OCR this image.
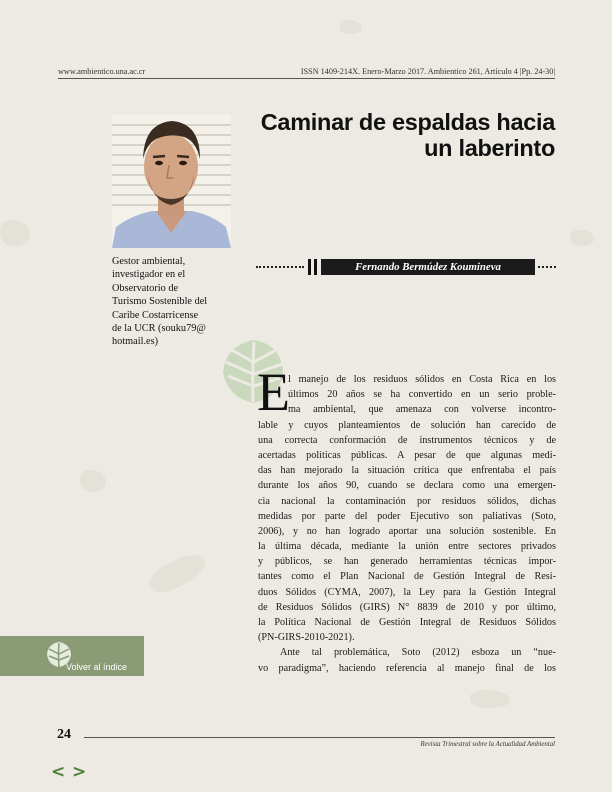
www.ambientico.una.ac.cr	ISSN 1409-214X. Enero-Marzo 2017. Ambientico 261, Artículo 4 |Pp. 24-30|
Caminar de espaldas hacia
un laberinto
Gestor ambiental,
investigador en el
Observatorio de
Turismo Sostenible del
Caribe Costarricense
de la UCR (souku79@
hotmail.es)
Fernando Bermúdez Koumineva
E
l manejo de los residuos sólidos en Costa Rica en los
últimos 20 años se ha convertido en un serio proble-
ma ambiental, que amenaza con volverse incontro-
lable y cuyos planteamientos de solución han carecido de
una correcta conformación de instrumentos técnicos y de
acertadas políticas públicas. A pesar de que algunas medi-
das han mejorado la situación crítica que enfrentaba el país
durante los años 90, cuando se declara como una emergen-
cia nacional la contaminación por residuos sólidos, dichas
medidas por parte del poder Ejecutivo son paliativas (Soto,
2006), y no han logrado aportar una solución sostenible. En
la última década, mediante la unión entre sectores privados
y públicos, se han generado herramientas técnicas impor-
tantes como el Plan Nacional de Gestión Integral de Resi-
duos Sólidos (CYMA, 2007), la Ley para la Gestión Integral
de Residuos Sólidos (GIRS) N° 8839 de 2010 y por último,
la Política Nacional de Gestión Integral de Residuos Sólidos
(PN-GIRS-2010-2021).
Ante tal problemática, Soto (2012) esboza un “nue-
vo paradigma”, haciendo referencia al manejo final de los
Volver al índice
24
Revista Trimestral sobre la Actualidad Ambiental
< >
